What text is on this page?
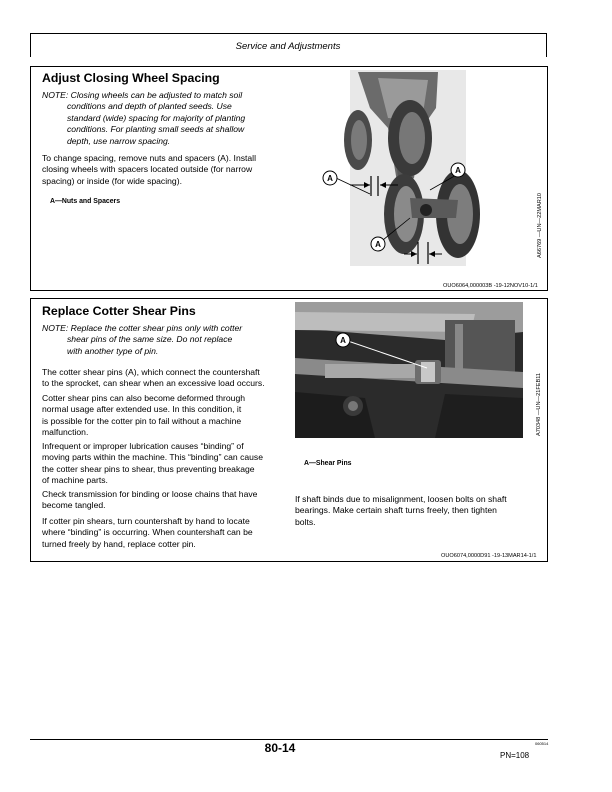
Service and Adjustments
Adjust Closing Wheel Spacing
NOTE: Closing wheels can be adjusted to match soil
conditions and depth of planted seeds. Use
standard (wide) spacing for majority of planting
conditions. For planting small seeds at shallow
depth, use narrow spacing.
To change spacing, remove nuts and spacers (A). Install
closing wheels with spacers located outside (for narrow
spacing) or inside (for wide spacing).
A—Nuts and Spacers
A
A
A	A66769 —UN—22MAR10
OUO6064,000003B -19-12NOV10-1/1
Replace Cotter Shear Pins
NOTE: Replace the cotter shear pins only with cotter
shear pins of the same size. Do not replace
with another type of pin.
The cotter shear pins (A), which connect the countershaft
to the sprocket, can shear when an excessive load occurs.
Cotter shear pins can also become deformed through
normal usage after extended use. In this condition, it
is possible for the cotter pin to fail without a machine
malfunction.
Infrequent or improper lubrication causes “binding” of
moving parts within the machine. This “binding” can cause
the cotter shear pins to shear, thus preventing breakage
of machine parts.
Check transmission for binding or loose chains that have
become tangled.
If cotter pin shears, turn countershaft by hand to locate
where “binding” is occurring. When countershaft can be
turned freely by hand, replace cotter pin.
A
A70348 —UN—21FEB11
A—Shear Pins
If shaft binds due to misalignment, loosen bolts on shaft
bearings. Make certain shaft turns freely, then tighten
bolts.
OUO6074,0000D91 -19-13MAR14-1/1
80-14	060514
PN=108
